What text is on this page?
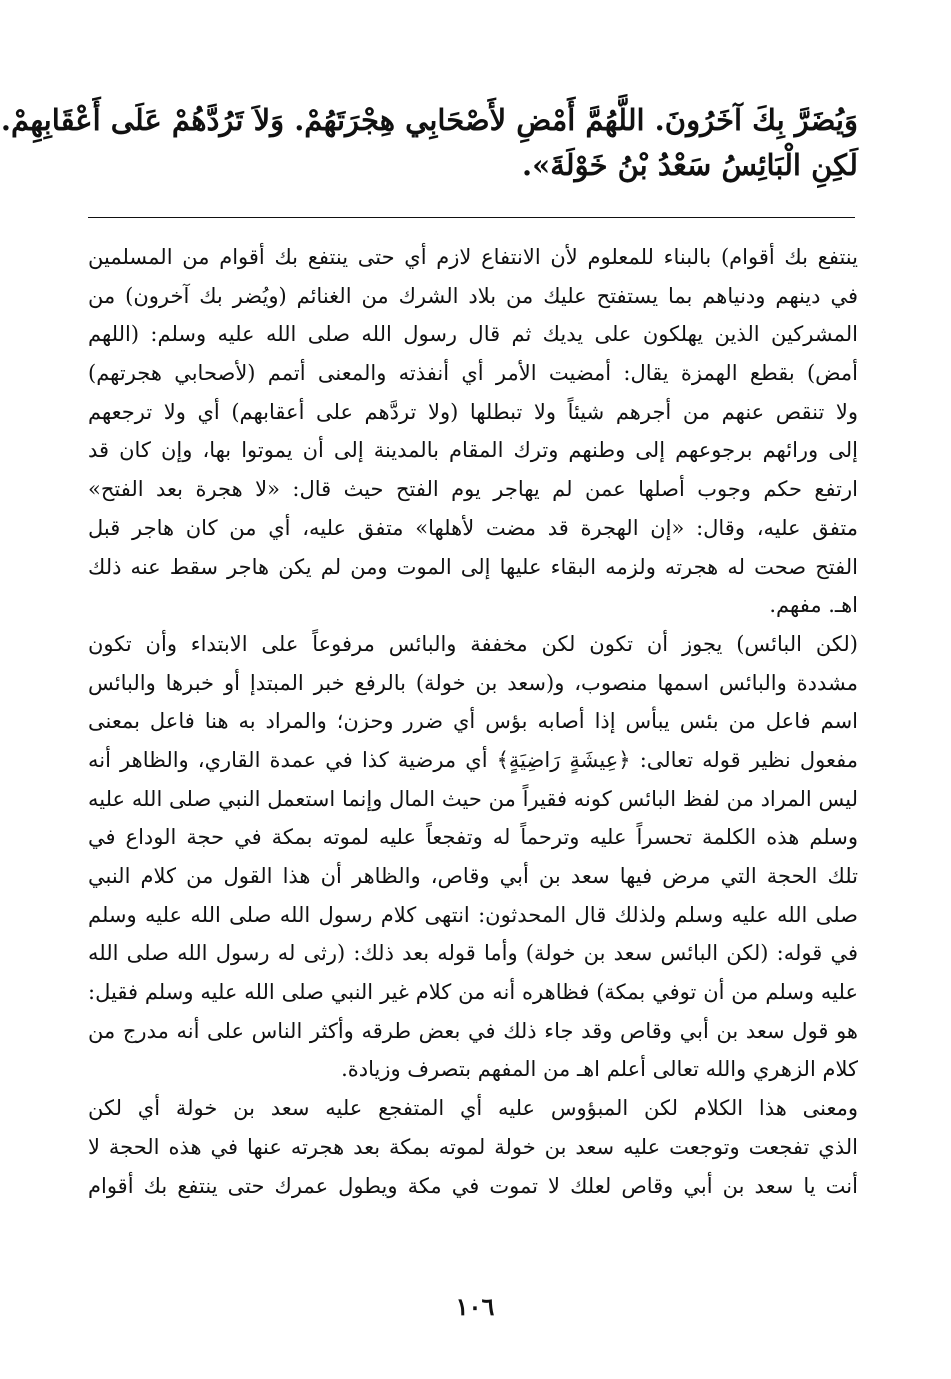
وَيُضَرَّ بِكَ آخَرُونَ. اللَّهُمَّ أَمْضِ لأَصْحَابِي هِجْرَتَهُمْ. وَلاَ تَرُدَّهُمْ عَلَى أَعْقَابِهِمْ.
لَكِنِ الْبَائِسُ سَعْدُ بْنُ خَوْلَةَ».
ينتفع بك أقوام) بالبناء للمعلوم لأن الانتفاع لازم أي حتى ينتفع بك أقوام من المسلمين
في دينهم ودنياهم بما يستفتح عليك من بلاد الشرك من الغنائم (ويُضر بك آخرون) من
المشركين الذين يهلكون على يديك ثم قال رسول الله صلى الله عليه وسلم: (اللهم
أمض) بقطع الهمزة يقال: أمضيت الأمر أي أنفذته والمعنى أتمم (لأصحابي هجرتهم)
ولا تنقص عنهم من أجرهم شيئاً ولا تبطلها (ولا تردَّهم على أعقابهم) أي ولا ترجعهم
إلى ورائهم برجوعهم إلى وطنهم وترك المقام بالمدينة إلى أن يموتوا بها، وإن كان قد
ارتفع حكم وجوب أصلها عمن لم يهاجر يوم الفتح حيث قال: «لا هجرة بعد الفتح»
متفق عليه، وقال: «إن الهجرة قد مضت لأهلها» متفق عليه، أي من كان هاجر قبل
الفتح صحت له هجرته ولزمه البقاء عليها إلى الموت ومن لم يكن هاجر سقط عنه ذلك
اهـ. مفهم.
(لكن البائس) يجوز أن تكون لكن مخففة والبائس مرفوعاً على الابتداء وأن تكون
مشددة والبائس اسمها منصوب، و(سعد بن خولة) بالرفع خبر المبتدإ أو خبرها والبائس
اسم فاعل من بئس يبأس إذا أصابه بؤس أي ضرر وحزن؛ والمراد به هنا فاعل بمعنى
مفعول نظير قوله تعالى: ﴿عِيشَةٍ رَاضِيَةٍ﴾ أي مرضية كذا في عمدة القاري، والظاهر أنه
ليس المراد من لفظ البائس كونه فقيراً من حيث المال وإنما استعمل النبي صلى الله عليه
وسلم هذه الكلمة تحسراً عليه وترحماً له وتفجعاً عليه لموته بمكة في حجة الوداع في
تلك الحجة التي مرض فيها سعد بن أبي وقاص، والظاهر أن هذا القول من كلام النبي
صلى الله عليه وسلم ولذلك قال المحدثون: انتهى كلام رسول الله صلى الله عليه وسلم
في قوله: (لكن البائس سعد بن خولة) وأما قوله بعد ذلك: (رثى له رسول الله صلى الله
عليه وسلم من أن توفي بمكة) فظاهره أنه من كلام غير النبي صلى الله عليه وسلم فقيل:
هو قول سعد بن أبي وقاص وقد جاء ذلك في بعض طرقه وأكثر الناس على أنه مدرج من
كلام الزهري والله تعالى أعلم اهـ من المفهم بتصرف وزيادة.
ومعنى هذا الكلام لكن المبؤوس عليه أي المتفجع عليه سعد بن خولة أي لكن
الذي تفجعت وتوجعت عليه سعد بن خولة لموته بمكة بعد هجرته عنها في هذه الحجة لا
أنت يا سعد بن أبي وقاص لعلك لا تموت في مكة ويطول عمرك حتى ينتفع بك أقوام
١٠٦
